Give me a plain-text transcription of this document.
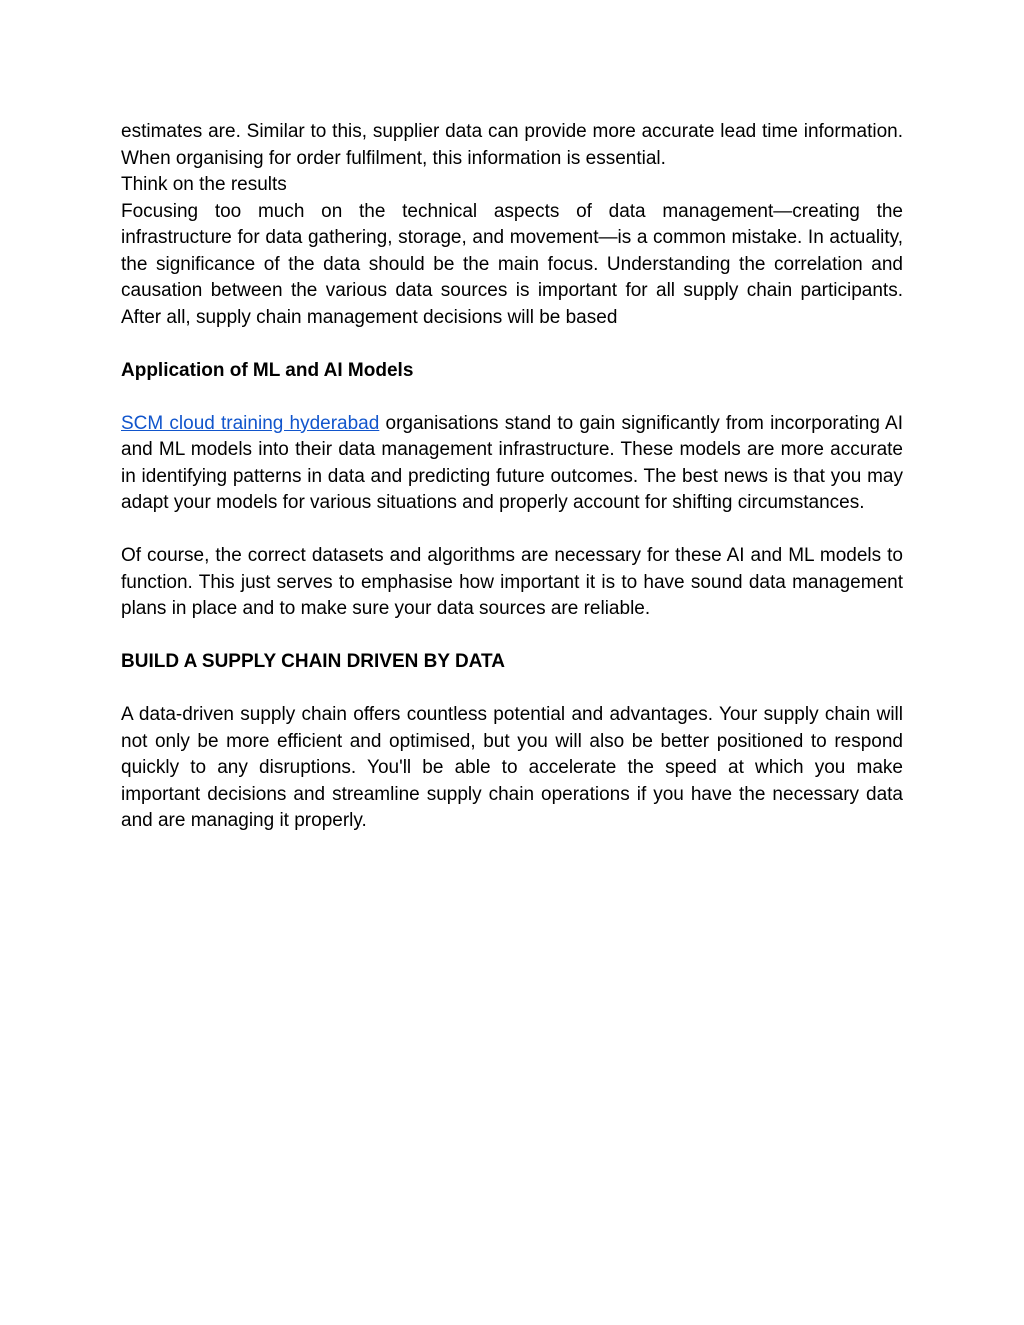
estimates are. Similar to this, supplier data can provide more accurate lead time information. When organising for order fulfilment, this information is essential.

Think on the results

Focusing too much on the technical aspects of data management—creating the infrastructure for data gathering, storage, and movement—is a common mistake. In actuality, the significance of the data should be the main focus. Understanding the correlation and causation between the various data sources is important for all supply chain participants. After all, supply chain management decisions will be based

Application of ML and AI Models

SCM cloud training hyderabad organisations stand to gain significantly from incorporating AI and ML models into their data management infrastructure. These models are more accurate in identifying patterns in data and predicting future outcomes. The best news is that you may adapt your models for various situations and properly account for shifting circumstances.

Of course, the correct datasets and algorithms are necessary for these AI and ML models to function. This just serves to emphasise how important it is to have sound data management plans in place and to make sure your data sources are reliable.

BUILD A SUPPLY CHAIN DRIVEN BY DATA

A data-driven supply chain offers countless potential and advantages. Your supply chain will not only be more efficient and optimised, but you will also be better positioned to respond quickly to any disruptions. You'll be able to accelerate the speed at which you make important decisions and streamline supply chain operations if you have the necessary data and are managing it properly.
